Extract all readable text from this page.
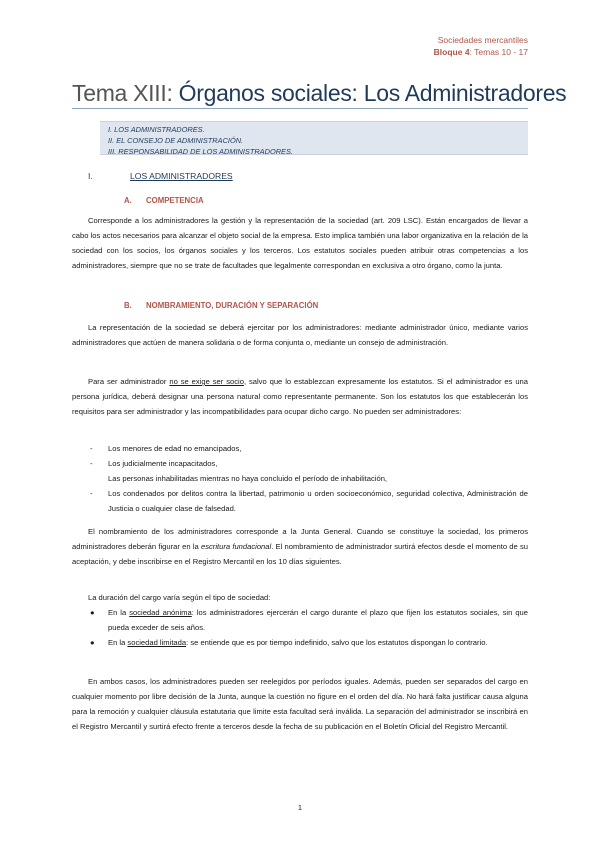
Sociedades mercantiles
Bloque 4: Temas 10 - 17
Tema XIII: Órganos sociales: Los Administradores
I. LOS ADMINISTRADORES.
II. EL CONSEJO DE ADMINISTRACIÓN.
III. RESPONSABILIDAD DE LOS ADMINISTRADORES.
I.	LOS ADMINISTRADORES
A. COMPETENCIA
Corresponde a los administradores la gestión y la representación de la sociedad (art. 209 LSC). Están encargados de llevar a cabo los actos necesarios para alcanzar el objeto social de la empresa. Esto implica también una labor organizativa en la relación de la sociedad con los socios, los órganos sociales y los terceros. Los estatutos sociales pueden atribuir otras competencias a los administradores, siempre que no se trate de facultades que legalmente correspondan en exclusiva a otro órgano, como la junta.
B. NOMBRAMIENTO, DURACIÓN Y SEPARACIÓN
La representación de la sociedad se deberá ejercitar por los administradores: mediante administrador único, mediante varios administradores que actúen de manera solidaria o de forma conjunta o, mediante un consejo de administración.
Para ser administrador no se exige ser socio, salvo que lo establezcan expresamente los estatutos. Si el administrador es una persona jurídica, deberá designar una persona natural como representante permanente. Son los estatutos los que establecerán los requisitos para ser administrador y las incompatibilidades para ocupar dicho cargo. No pueden ser administradores:
- Los menores de edad no emancipados,
- Los judicialmente incapacitados,
Las personas inhabilitadas mientras no haya concluido el período de inhabilitación,
- Los condenados por delitos contra la libertad, patrimonio u orden socioeconómico, seguridad colectiva, Administración de Justicia o cualquier clase de falsedad.
El nombramiento de los administradores corresponde a la Junta General. Cuando se constituye la sociedad, los primeros administradores deberán figurar en la escritura fundacional. El nombramiento de administrador surtirá efectos desde el momento de su aceptación, y debe inscribirse en el Registro Mercantil en los 10 días siguientes.
La duración del cargo varía según el tipo de sociedad:
● En la sociedad anónima: los administradores ejercerán el cargo durante el plazo que fijen los estatutos sociales, sin que pueda exceder de seis años.
● En la sociedad limitada: se entiende que es por tiempo indefinido, salvo que los estatutos dispongan lo contrario.
En ambos casos, los administradores pueden ser reelegidos por períodos iguales. Además, pueden ser separados del cargo en cualquier momento por libre decisión de la Junta, aunque la cuestión no figure en el orden del día. No hará falta justificar causa alguna para la remoción y cualquier cláusula estatutaria que limite esta facultad será inválida. La separación del administrador se inscribirá en el Registro Mercantil y surtirá efecto frente a terceros desde la fecha de su publicación en el Boletín Oficial del Registro Mercantil.
1
